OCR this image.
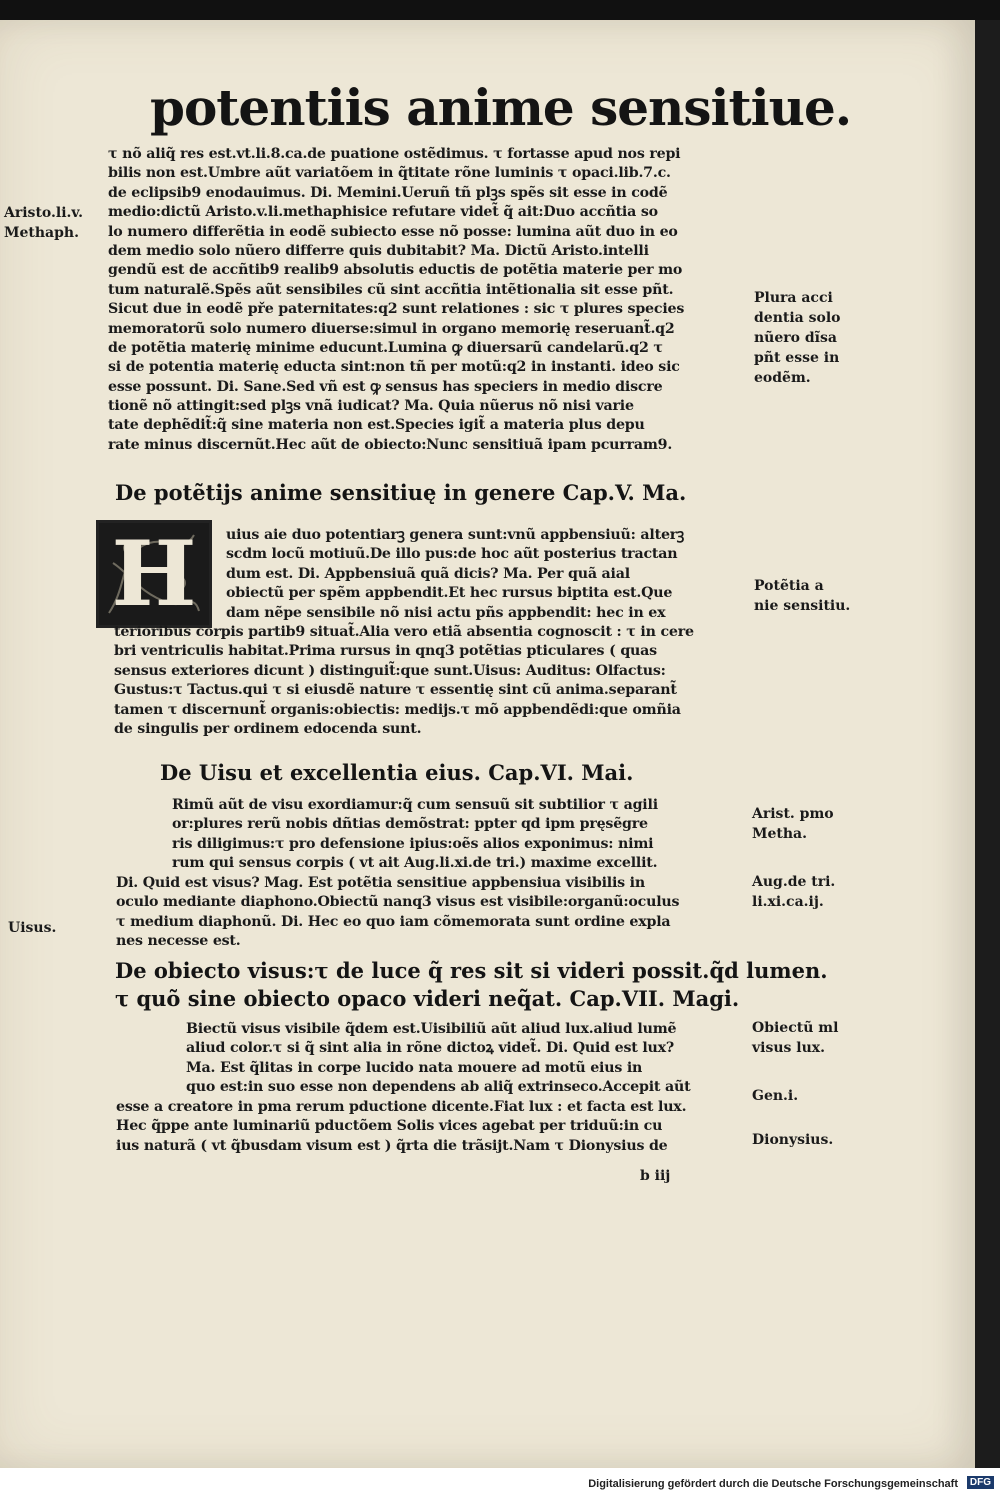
potentiis anime sensitiue.
τ nõ aliq̃ res est.vt.li.8.ca.de puatione ostẽdimus. τ fortasse apud nos repi
bilis non est.Umbre aũt variatõem in q̃titate rõne luminis τ opaci.lib.7.c.
de eclipsib9 enodauimus. Di. Memini.Ueruñ tñ plꝫs spẽs sit esse in codẽ
medio:dictũ Aristo.v.li.methaphisice refutare videt̃ q̃ ait:Duo accñtia so
lo numero differẽtia in eodẽ subiecto esse nõ posse: lumina aũt duo in eo
dem medio solo nũero differre quis dubitabit? Ma. Dictũ Aristo.intelli
gendũ est de accñtib9 realib9 absolutis eductis de potẽtia materie per mo
tum naturalẽ.Spẽs aũt sensibiles cũ sint accñtia intẽtionalia sit esse pñt.
Sicut due in eodẽ pře paternitates:q2 sunt relationes : sic τ plures species
memoratorũ solo numero diuerse:simul in organo memorię reseruant̃.q2
de potẽtia materię minime educunt.Lumina ꝙ diuersarũ candelarũ.q2 τ
si de potentia materię educta sint:non tñ per motũ:q2 in instanti. ideo sic
esse possunt. Di. Sane.Sed vñ est ꝙ sensus has speciers in medio discre
tionẽ nõ attingit:sed plꝫs vnã iudicat? Ma. Quia nũerus nõ nisi varie
tate dephẽdit̃:q̃ sine materia non est.Species igit̃ a materia plus depu
rate minus discernũt.Hec aũt de obiecto:Nunc sensitiuã ipam pcurram9.
De potẽtijs anime sensitiuę in genere Cap.V. Ma.
H	uius aie duo potentiarꝫ genera sunt:vnũ appbensiuũ: alterꝫ
scdm locũ motiuũ.De illo pus:de hoc aũt posterius tractan
dum est. Di. Appbensiuã quã dicis? Ma. Per quã aial
obiectũ per spẽm appbendit.Et hec rursus biptita est.Que
dam nẽpe sensibile nõ nisi actu pñs appbendit: hec in ex
terioribus corpis partib9 situat̃.Alia vero etiã absentia cognoscit : τ in cere
bri ventriculis habitat.Prima rursus in qnq3 potẽtias pticulares ( quas
sensus exteriores dicunt ) distinguit̃:que sunt.Uisus: Auditus: Olfactus:
Gustus:τ Tactus.qui τ si eiusdẽ nature τ essentię sint cũ anima.separant̃
tamen τ discernunt̃ organis:obiectis: medijs.τ mõ appbendẽdi:que omñia
de singulis per ordinem edocenda sunt.
De Uisu et excellentia eius. Cap.VI. Mai.
Rimũ aũt de visu exordiamur:q̃ cum sensuũ sit subtilior τ agili
or:plures rerũ nobis dñtias demõstrat: ppter qd ipm pręsẽgre
ris diligimus:τ pro defensione ipius:oẽs alios exponimus: nimi
rum qui sensus corpis ( vt ait Aug.li.xi.de tri.) maxime excellit.
Di. Quid est visus? Mag. Est potẽtia sensitiue appbensiua visibilis in
oculo mediante diaphono.Obiectũ nanq3 visus est visibile:organũ:oculus
τ medium diaphonũ. Di. Hec eo quo iam cõmemorata sunt ordine expla
nes necesse est.
De obiecto visus:τ de luce q̃ res sit si videri possit.q̃d lumen.
τ quõ sine obiecto opaco videri neq̃at. Cap.VII. Magi.
Biectũ visus visibile q̃dem est.Uisibiliũ aũt aliud lux.aliud lumẽ
aliud color.τ si q̃ sint alia in rõne dictoꝝ videt̃. Di. Quid est lux?
Ma. Est q̃litas in corpe lucido nata mouere ad motũ eius in
quo est:in suo esse non dependens ab aliq̃ extrinseco.Accepit aũt
esse a creatore in pma rerum pductione dicente.Fiat lux : et facta est lux.
Hec q̃ppe ante luminariũ pductõem Solis vices agebat per triduũ:in cu
ius naturã ( vt q̃busdam visum est ) q̃rta die trãsijt.Nam τ Dionysius de
b iij
Aristo.li.v.
Methaph.
Uisus.
Plura acci
dentia solo
nũero dĩsa
pñt esse in
eodẽm.
Potẽtia a
nie sensitiu.
Arist. pmo
Metha.
Aug.de tri.
li.xi.ca.ij.
Obiectũ ml
visus lux.
Gen.i.
Dionysius.
Digitalisierung gefördert durch die Deutsche Forschungsgemeinschaft	DFG
